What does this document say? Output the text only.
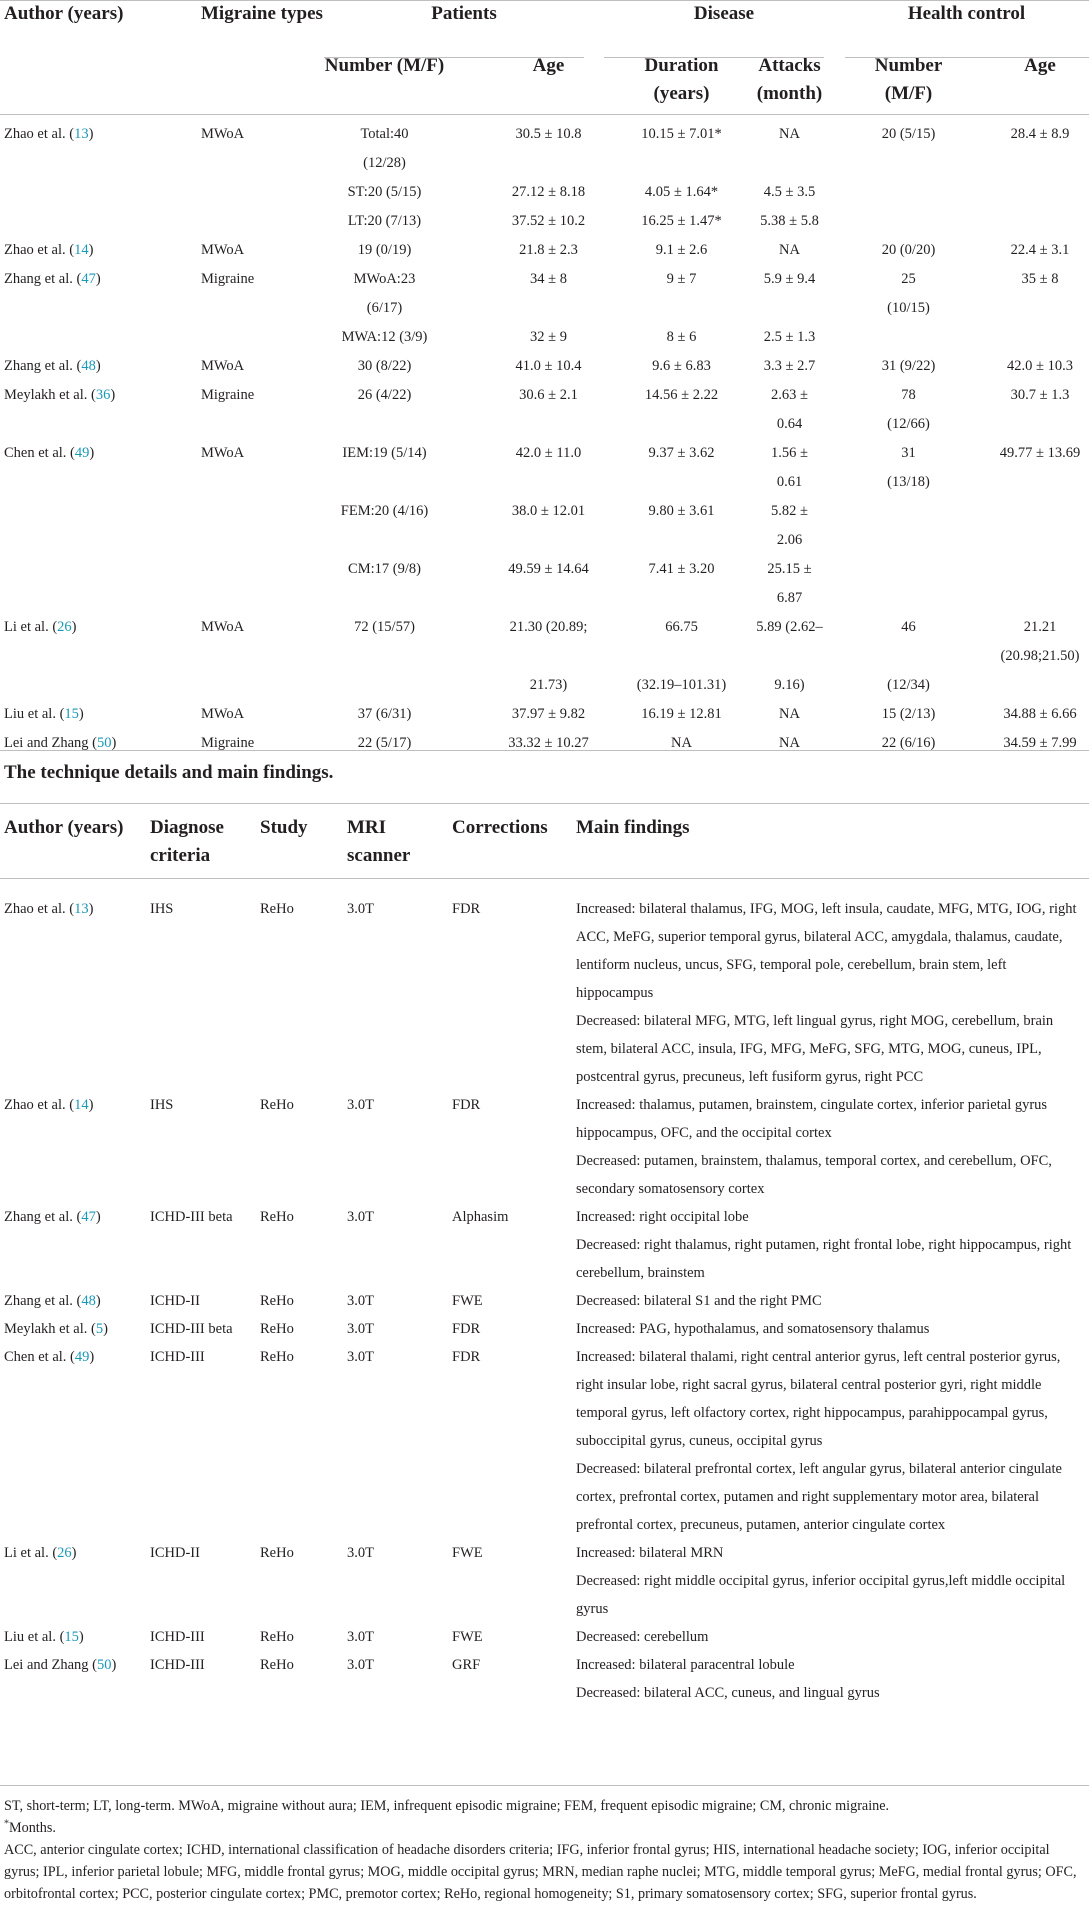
Author (years)	Migraine types	Patients		Disease		Health control	
		Number (M/F)	Age	Duration (years)	Attacks (month)	Number (M/F)	Age
Zhao et al. (13)	MWoA	Total:40	30.5 ± 10.8	10.15 ± 7.01*	NA	20 (5/15)	28.4 ± 8.9
		(12/28)					
		ST:20 (5/15)	27.12 ± 8.18	4.05 ± 1.64*	4.5 ± 3.5		
		LT:20 (7/13)	37.52 ± 10.2	16.25 ± 1.47*	5.38 ± 5.8		
Zhao et al. (14)	MWoA	19 (0/19)	21.8 ± 2.3	9.1 ± 2.6	NA	20 (0/20)	22.4 ± 3.1
Zhang et al. (47)	Migraine	MWoA:23	34 ± 8	9 ± 7	5.9 ± 9.4	25	35 ± 8
		(6/17)				(10/15)	
		MWA:12 (3/9)	32 ± 9	8 ± 6	2.5 ± 1.3		
Zhang et al. (48)	MWoA	30 (8/22)	41.0 ± 10.4	9.6 ± 6.83	3.3 ± 2.7	31 (9/22)	42.0 ± 10.3
Meylakh et al. (36)	Migraine	26 (4/22)	30.6 ± 2.1	14.56 ± 2.22	2.63 ±	78	30.7 ± 1.3
					0.64	(12/66)	
Chen et al. (49)	MWoA	IEM:19 (5/14)	42.0 ± 11.0	9.37 ± 3.62	1.56 ±	31	49.77 ± 13.69
					0.61	(13/18)	
		FEM:20 (4/16)	38.0 ± 12.01	9.80 ± 3.61	5.82 ±		
					2.06		
		CM:17 (9/8)	49.59 ± 14.64	7.41 ± 3.20	25.15 ±		
					6.87		
Li et al. (26)	MWoA	72 (15/57)	21.30 (20.89;	66.75	5.89 (2.62–	46	21.21 (20.98;21.50)
			21.73)	(32.19–101.31)	9.16)	(12/34)	
Liu et al. (15)	MWoA	37 (6/31)	37.97 ± 9.82	16.19 ± 12.81	NA	15 (2/13)	34.88 ± 6.66
Lei and Zhang (50)	Migraine	22 (5/17)	33.32 ± 10.27	NA	NA	22 (6/16)	34.59 ± 7.99
The technique details and main findings.
Author (years)	Diagnose criteria	Study	MRI scanner	Corrections	Main findings
Zhao et al. (13)	IHS	ReHo	3.0T	FDR	Increased: bilateral thalamus, IFG, MOG, left insula, caudate, MFG, MTG, IOG, right ACC, MeFG, superior temporal gyrus, bilateral ACC, amygdala, thalamus, caudate, lentiform nucleus, uncus, SFG, temporal pole, cerebellum, brain stem, left hippocampus
					Decreased: bilateral MFG, MTG, left lingual gyrus, right MOG, cerebellum, brain stem, bilateral ACC, insula, IFG, MFG, MeFG, SFG, MTG, MOG, cuneus, IPL, postcentral gyrus, precuneus, left fusiform gyrus, right PCC
Zhao et al. (14)	IHS	ReHo	3.0T	FDR	Increased: thalamus, putamen, brainstem, cingulate cortex, inferior parietal gyrus hippocampus, OFC, and the occipital cortex
					Decreased: putamen, brainstem, thalamus, temporal cortex, and cerebellum, OFC, secondary somatosensory cortex
Zhang et al. (47)	ICHD-III beta	ReHo	3.0T	Alphasim	Increased: right occipital lobe
					Decreased: right thalamus, right putamen, right frontal lobe, right hippocampus, right cerebellum, brainstem
Zhang et al. (48)	ICHD-II	ReHo	3.0T	FWE	Decreased: bilateral S1 and the right PMC
Meylakh et al. (5)	ICHD-III beta	ReHo	3.0T	FDR	Increased: PAG, hypothalamus, and somatosensory thalamus
Chen et al. (49)	ICHD-III	ReHo	3.0T	FDR	Increased: bilateral thalami, right central anterior gyrus, left central posterior gyrus, right insular lobe, right sacral gyrus, bilateral central posterior gyri, right middle temporal gyrus, left olfactory cortex, right hippocampus, parahippocampal gyrus, suboccipital gyrus, cuneus, occipital gyrus
					Decreased: bilateral prefrontal cortex, left angular gyrus, bilateral anterior cingulate cortex, prefrontal cortex, putamen and right supplementary motor area, bilateral prefrontal cortex, precuneus, putamen, anterior cingulate cortex
Li et al. (26)	ICHD-II	ReHo	3.0T	FWE	Increased: bilateral MRN
					Decreased: right middle occipital gyrus, inferior occipital gyrus,left middle occipital gyrus
Liu et al. (15)	ICHD-III	ReHo	3.0T	FWE	Decreased: cerebellum
Lei and Zhang (50)	ICHD-III	ReHo	3.0T	GRF	Increased: bilateral paracentral lobule
					Decreased: bilateral ACC, cuneus, and lingual gyrus

ST, short-term; LT, long-term. MWoA, migraine without aura; IEM, infrequent episodic migraine; FEM, frequent episodic migraine; CM, chronic migraine.

*Months.

ACC, anterior cingulate cortex; ICHD, international classification of headache disorders criteria; IFG, inferior frontal gyrus; HIS, international headache society; IOG, inferior occipital gyrus; IPL, inferior parietal lobule; MFG, middle frontal gyrus; MOG, middle occipital gyrus; MRN, median raphe nuclei; MTG, middle temporal gyrus; MeFG, medial frontal gyrus; OFC, orbitofrontal cortex; PCC, posterior cingulate cortex; PMC, premotor cortex; ReHo, regional homogeneity; S1, primary somatosensory cortex; SFG, superior frontal gyrus.
